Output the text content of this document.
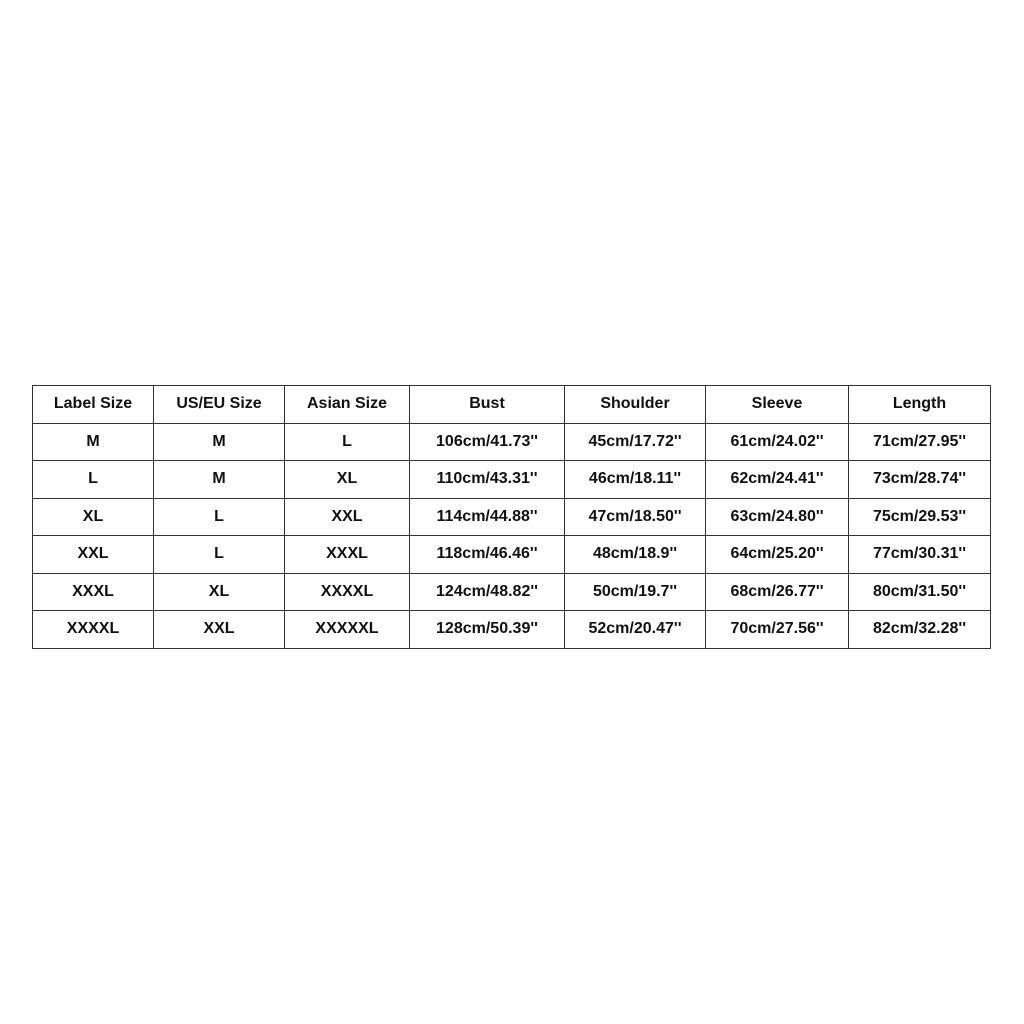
Label Size	US/EU Size	Asian Size	Bust	Shoulder	Sleeve	Length
M	M	L	106cm/41.73''	45cm/17.72''	61cm/24.02''	71cm/27.95''
L	M	XL	110cm/43.31''	46cm/18.11''	62cm/24.41''	73cm/28.74''
XL	L	XXL	114cm/44.88''	47cm/18.50''	63cm/24.80''	75cm/29.53''
XXL	L	XXXL	118cm/46.46''	48cm/18.9''	64cm/25.20''	77cm/30.31''
XXXL	XL	XXXXL	124cm/48.82''	50cm/19.7''	68cm/26.77''	80cm/31.50''
XXXXL	XXL	XXXXXL	128cm/50.39''	52cm/20.47''	70cm/27.56''	82cm/32.28''
